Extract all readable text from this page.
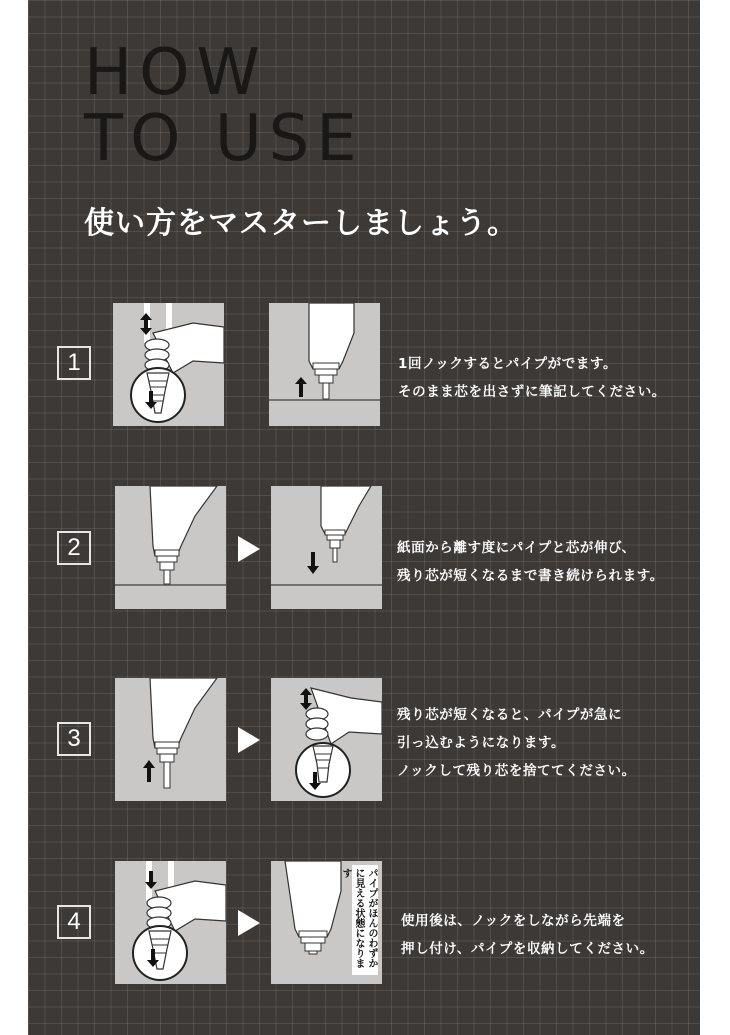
HOW
TO USE
使い方をマスターしましょう。
1	1回ノックするとパイプがでます。
そのまま芯を出さずに筆記してください。
2	紙面から離す度にパイプと芯が伸び、
残り芯が短くなるまで書き続けられます。
3
残り芯が短くなると、パイプが急に
引っ込むようになります。
ノックして残り芯を捨ててください。
4	パイプがほんのわずかに見える状態になります
使用後は、ノックをしながら先端を
押し付け、パイプを収納してください。
